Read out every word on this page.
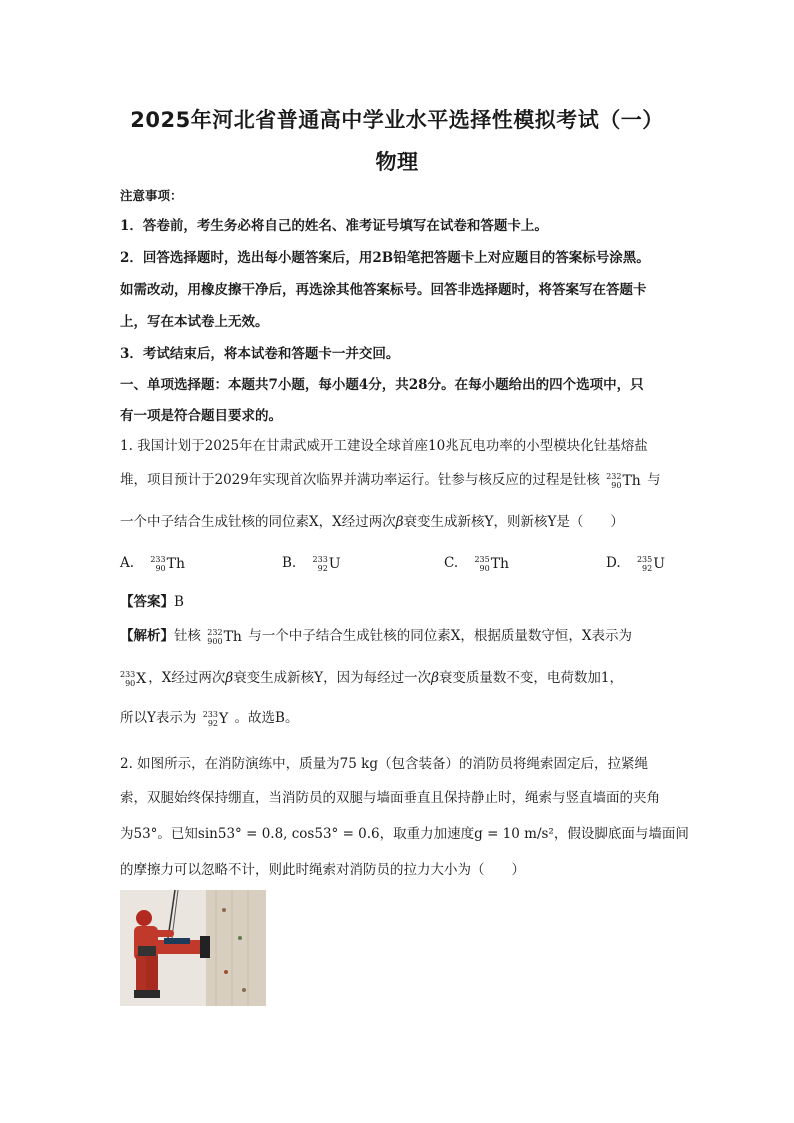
2025年河北省普通高中学业水平选择性模拟考试（一）
物理
注意事项：
1．答卷前，考生务必将自己的姓名、准考证号填写在试卷和答题卡上。
2．回答选择题时，选出每小题答案后，用2B铅笔把答题卡上对应题目的答案标号涂黑。
如需改动，用橡皮擦干净后，再选涂其他答案标号。回答非选择题时，将答案写在答题卡
上，写在本试卷上无效。
3．考试结束后，将本试卷和答题卡一并交回。
一、单项选择题：本题共7小题，每小题4分，共28分。在每小题给出的四个选项中，只
有一项是符合题目要求的。
1. 我国计划于2025年在甘肃武威开工建设全球首座10兆瓦电功率的小型模块化钍基熔盐
堆，项目预计于2029年实现首次临界并满功率运行。钍参与核反应的过程是钍核 232
90 Th 与
一个中子结合生成钍核的同位素X，X经过两次β衰变生成新核Y，则新核Y是（　　）
A. 233
90 Th	B. 233
92 U	C. 235
90 Th	D. 235
92 U
【答案】B
【解析】钍核 232
900 Th 与一个中子结合生成钍核的同位素X，根据质量数守恒，X表示为
233
90 X ，X经过两次β衰变生成新核Y，因为每经过一次β衰变质量数不变，电荷数加1，
所以Y表示为 233
92 Y 。故选B。
2. 如图所示，在消防演练中，质量为75 kg（包含装备）的消防员将绳索固定后，拉紧绳
索，双腿始终保持绷直，当消防员的双腿与墙面垂直且保持静止时，绳索与竖直墙面的夹角
为53°。已知sin53° = 0.8, cos53° = 0.6，取重力加速度g = 10 m/s²，假设脚底面与墙面间
的摩擦力可以忽略不计，则此时绳索对消防员的拉力大小为（　　）
